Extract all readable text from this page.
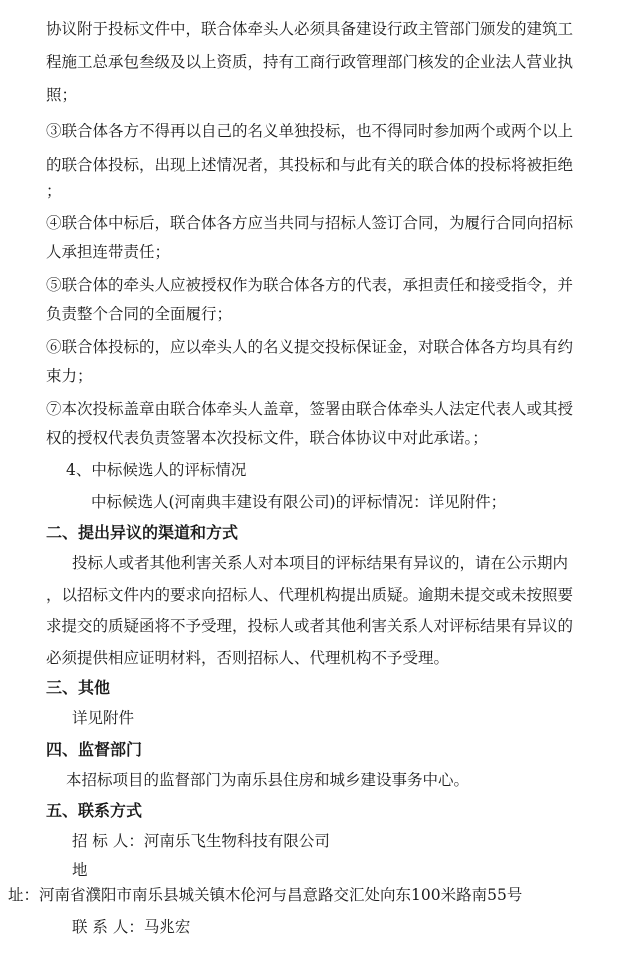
协议附于投标文件中，联合体牵头人必须具备建设行政主管部门颁发的建筑工
程施工总承包叁级及以上资质，持有工商行政管理部门核发的企业法人营业执
照；
③联合体各方不得再以自己的名义单独投标，也不得同时参加两个或两个以上
的联合体投标，出现上述情况者，其投标和与此有关的联合体的投标将被拒绝
；
④联合体中标后，联合体各方应当共同与招标人签订合同，为履行合同向招标
人承担连带责任；
⑤联合体的牵头人应被授权作为联合体各方的代表，承担责任和接受指令，并
负责整个合同的全面履行；
⑥联合体投标的，应以牵头人的名义提交投标保证金，对联合体各方均具有约
束力；
⑦本次投标盖章由联合体牵头人盖章，签署由联合体牵头人法定代表人或其授
权的授权代表负责签署本次投标文件，联合体协议中对此承诺。；
4、中标候选人的评标情况
中标候选人(河南典丰建设有限公司)的评标情况：详见附件；
二、提出异议的渠道和方式
投标人或者其他利害关系人对本项目的评标结果有异议的，请在公示期内
，以招标文件内的要求向招标人、代理机构提出质疑。逾期未提交或未按照要
求提交的质疑函将不予受理，投标人或者其他利害关系人对评标结果有异议的
必须提供相应证明材料，否则招标人、代理机构不予受理。
三、其他
详见附件
四、监督部门
本招标项目的监督部门为南乐县住房和城乡建设事务中心。
五、联系方式
招 标 人：河南乐飞生物科技有限公司
地
址：河南省濮阳市南乐县城关镇木伦河与昌意路交汇处向东100米路南55号
联 系 人：马兆宏
